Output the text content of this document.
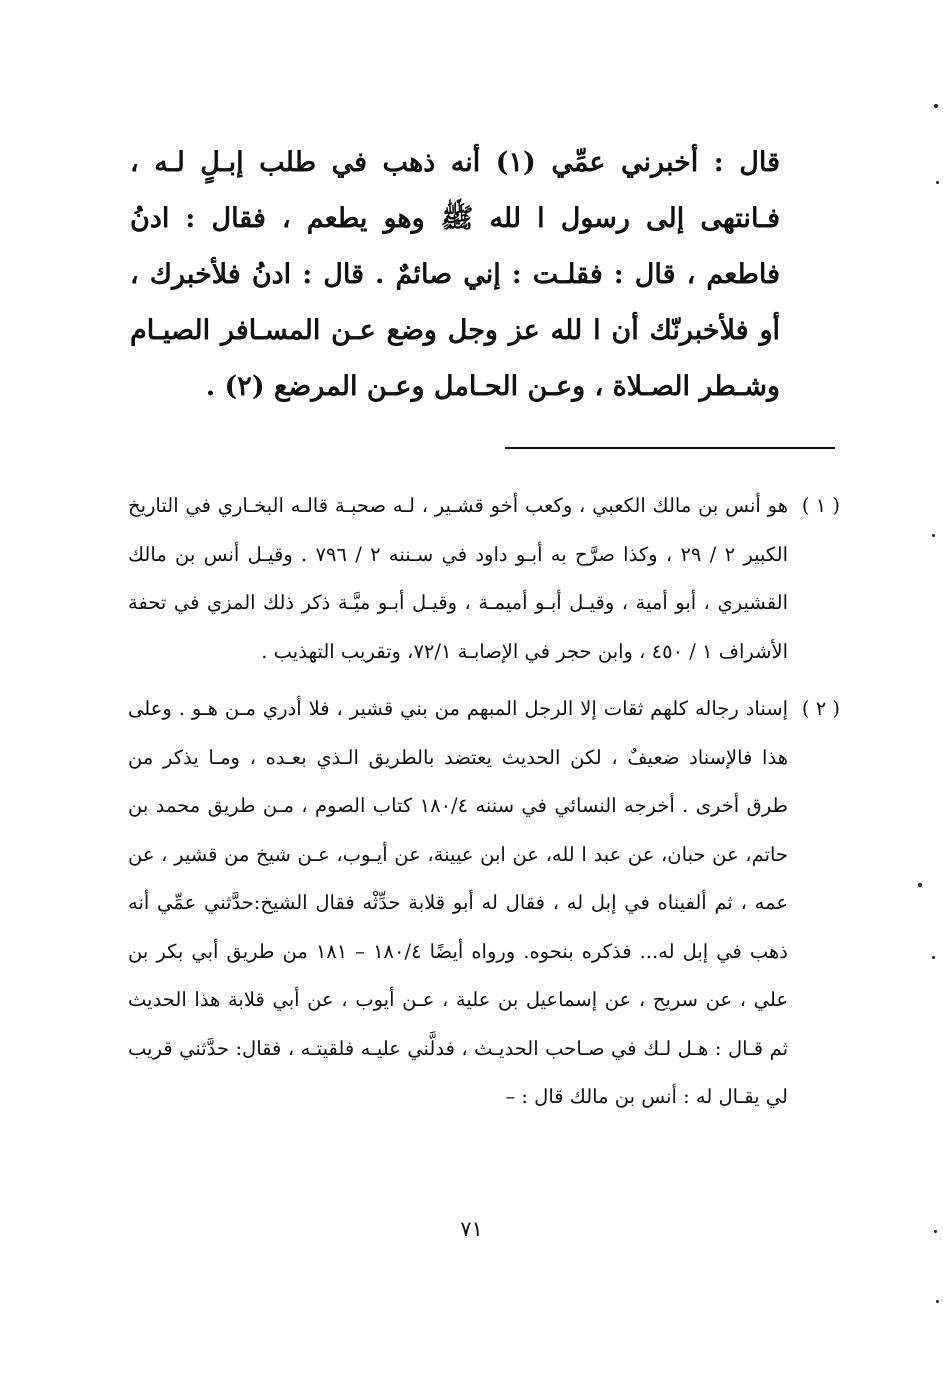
قال : أخبرني عمِّي (١) أنه ذهب في طلب إبـلٍ لـه ، فـانتهى إلى رسول ا لله ﷺ وهو يطعم ، فقال : ادنُ فاطعم ، قال : فقلـت : إني صائمٌ . قال : ادنُ فلأخبرك ، أو فلأخبرنّك أن ا لله عز وجل وضع عـن المسـافر الصيـام وشـطر الصـلاة ، وعـن الحـامل وعـن المرضع (٢) .

( ١ )
هو أنس بن مالك الكعبي ، وكعب أخو قشـير ، لـه صحبـة قالـه البخـاري في التاريخ الكبير ٢ / ٢٩ ، وكذا صرَّح به أبـو داود في سـننه ٢ / ٧٩٦ . وقيـل أنس بن مالك القشيري ، أبو أمية ، وقيـل أبـو أميمـة ، وقيـل أبـو ميَّـة ذكر ذلك المزي في تحفة الأشراف ١ / ٤٥٠ ، وابن حجر في الإصابـة ٧٢/١، وتقريب التهذيب .
( ٢ )
إسناد رجاله كلهم ثقات إلا الرجل المبهم من بني قشير ، فلا أدري مـن هـو . وعلى هذا فالإسناد ضعيفٌ ، لكن الحديث يعتضد بالطريق الـذي بعـده ، ومـا يذكر من طرق أخرى . أخرجه النسائي في سننه ١٨٠/٤ كتاب الصوم ، مـن طريق محمد بن حاتم، عن حبان، عن عبد ا لله، عن ابن عيينة، عن أيـوب، عـن شيخ من قشير ، عن عمه ، ثم ألفيناه في إبل له ، فقال له أبو قلابة حدِّثْه فقال الشيخ:حدَّثني عمِّي أنه ذهب في إبل له... فذكره بنحوه. ورواه أيضًا ١٨٠/٤ – ١٨١ من طريق أبي بكر بن علي ، عن سريح ، عن إسماعيل بن علية ، عـن أيوب ، عن أبي قلابة هذا الحديث ثم قـال : هـل لـك في صـاحب الحديـث ، فدلَّني عليـه فلقيتـه ، فقال: حدَّثني قريب لي يقـال له : أنس بن مالك قال : –
٧١
